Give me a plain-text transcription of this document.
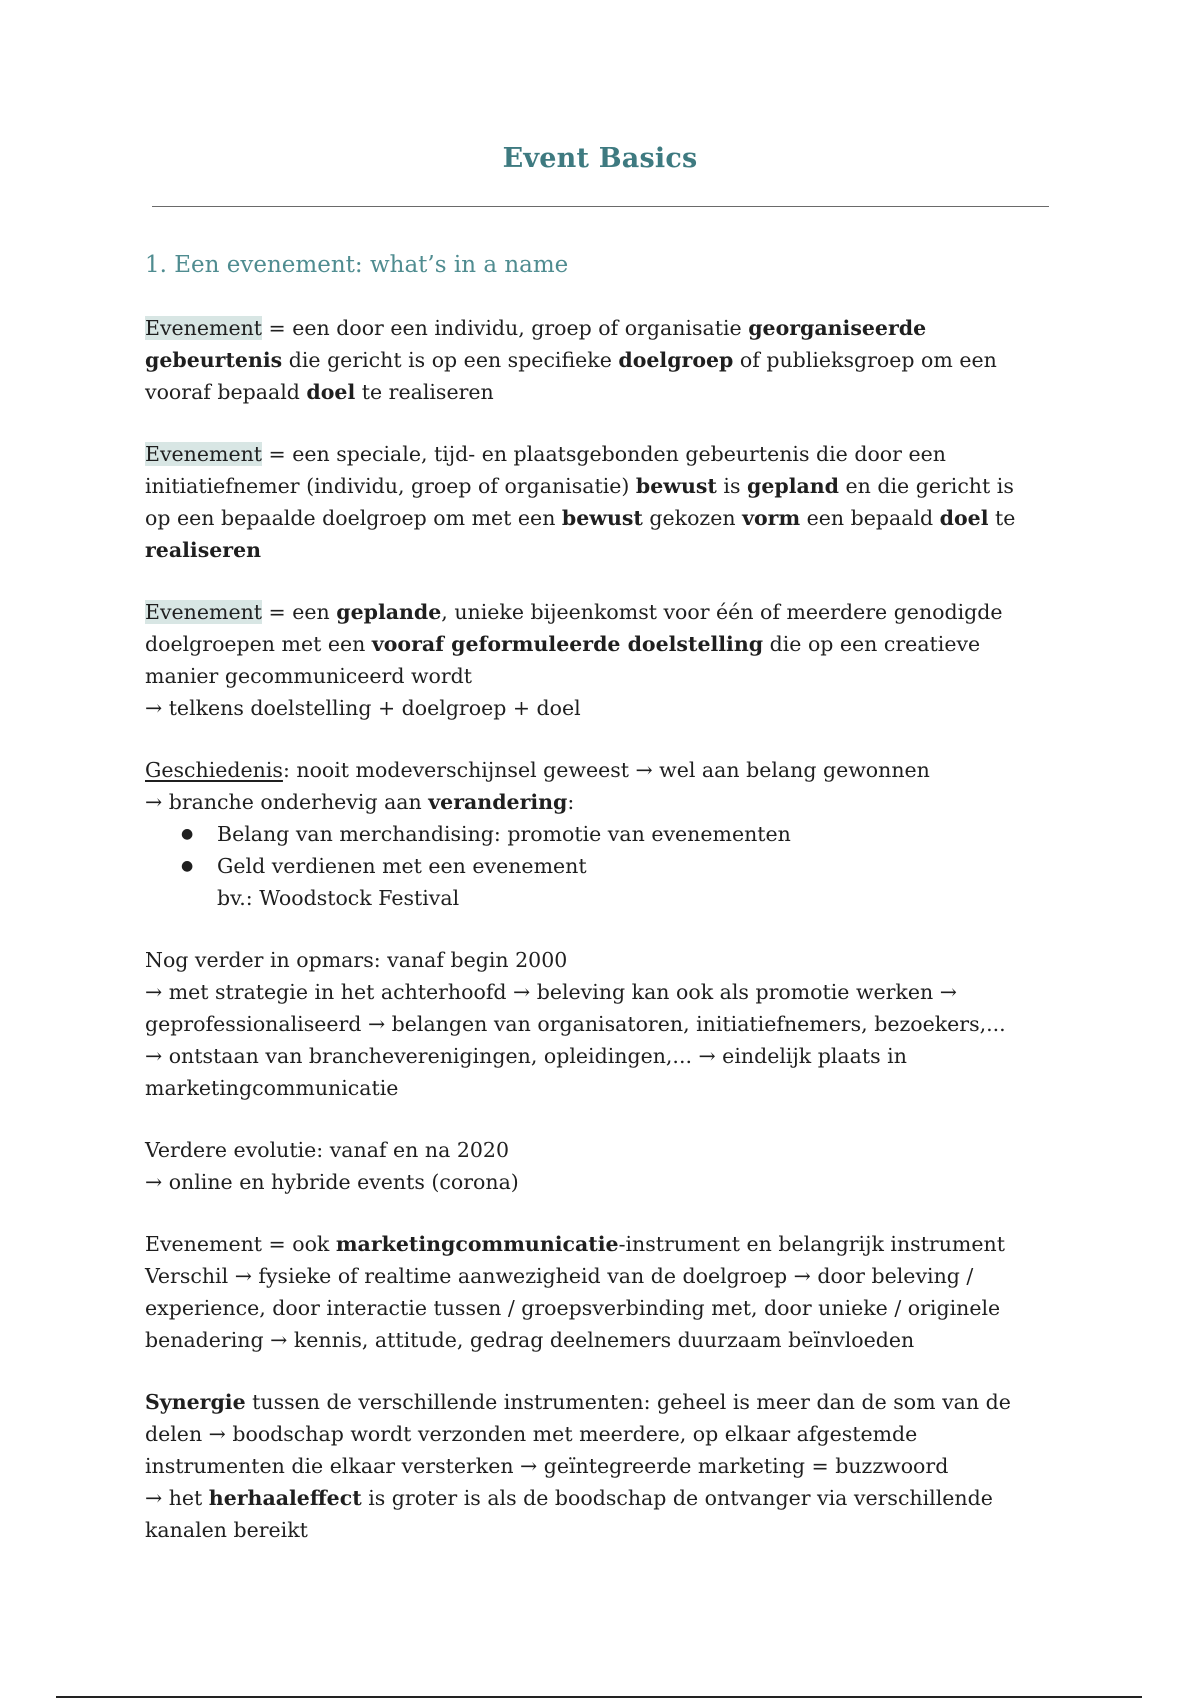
Event Basics
1. Een evenement: what’s in a name

Evenement = een door een individu, groep of organisatie georganiseerde gebeurtenis die gericht is op een specifieke doelgroep of publieksgroep om een vooraf bepaald doel te realiseren

Evenement = een speciale, tijd- en plaatsgebonden gebeurtenis die door een initiatiefnemer (individu, groep of organisatie) bewust is gepland en die gericht is op een bepaalde doelgroep om met een bewust gekozen vorm een bepaald doel te realiseren

Evenement = een geplande, unieke bijeenkomst voor één of meerdere genodigde doelgroepen met een vooraf geformuleerde doelstelling die op een creatieve manier gecommuniceerd wordt
→ telkens doelstelling + doelgroep + doel

Geschiedenis: nooit modeverschijnsel geweest → wel aan belang gewonnen
→ branche onderhevig aan verandering:
● Belang van merchandising: promotie van evenementen
● Geld verdienen met een evenement
bv.: Woodstock Festival

Nog verder in opmars: vanaf begin 2000
→ met strategie in het achterhoofd → beleving kan ook als promotie werken → geprofessionaliseerd → belangen van organisatoren, initiatiefnemers, bezoekers,...
→ ontstaan van brancheverenigingen, opleidingen,... → eindelijk plaats in marketingcommunicatie

Verdere evolutie: vanaf en na 2020
→ online en hybride events (corona)

Evenement = ook marketingcommunicatie-instrument en belangrijk instrument
Verschil → fysieke of realtime aanwezigheid van de doelgroep → door beleving / experience, door interactie tussen / groepsverbinding met, door unieke / originele benadering → kennis, attitude, gedrag deelnemers duurzaam beïnvloeden

Synergie tussen de verschillende instrumenten: geheel is meer dan de som van de delen → boodschap wordt verzonden met meerdere, op elkaar afgestemde instrumenten die elkaar versterken → geïntegreerde marketing = buzzwoord
→ het herhaaleffect is groter is als de boodschap de ontvanger via verschillende kanalen bereikt
